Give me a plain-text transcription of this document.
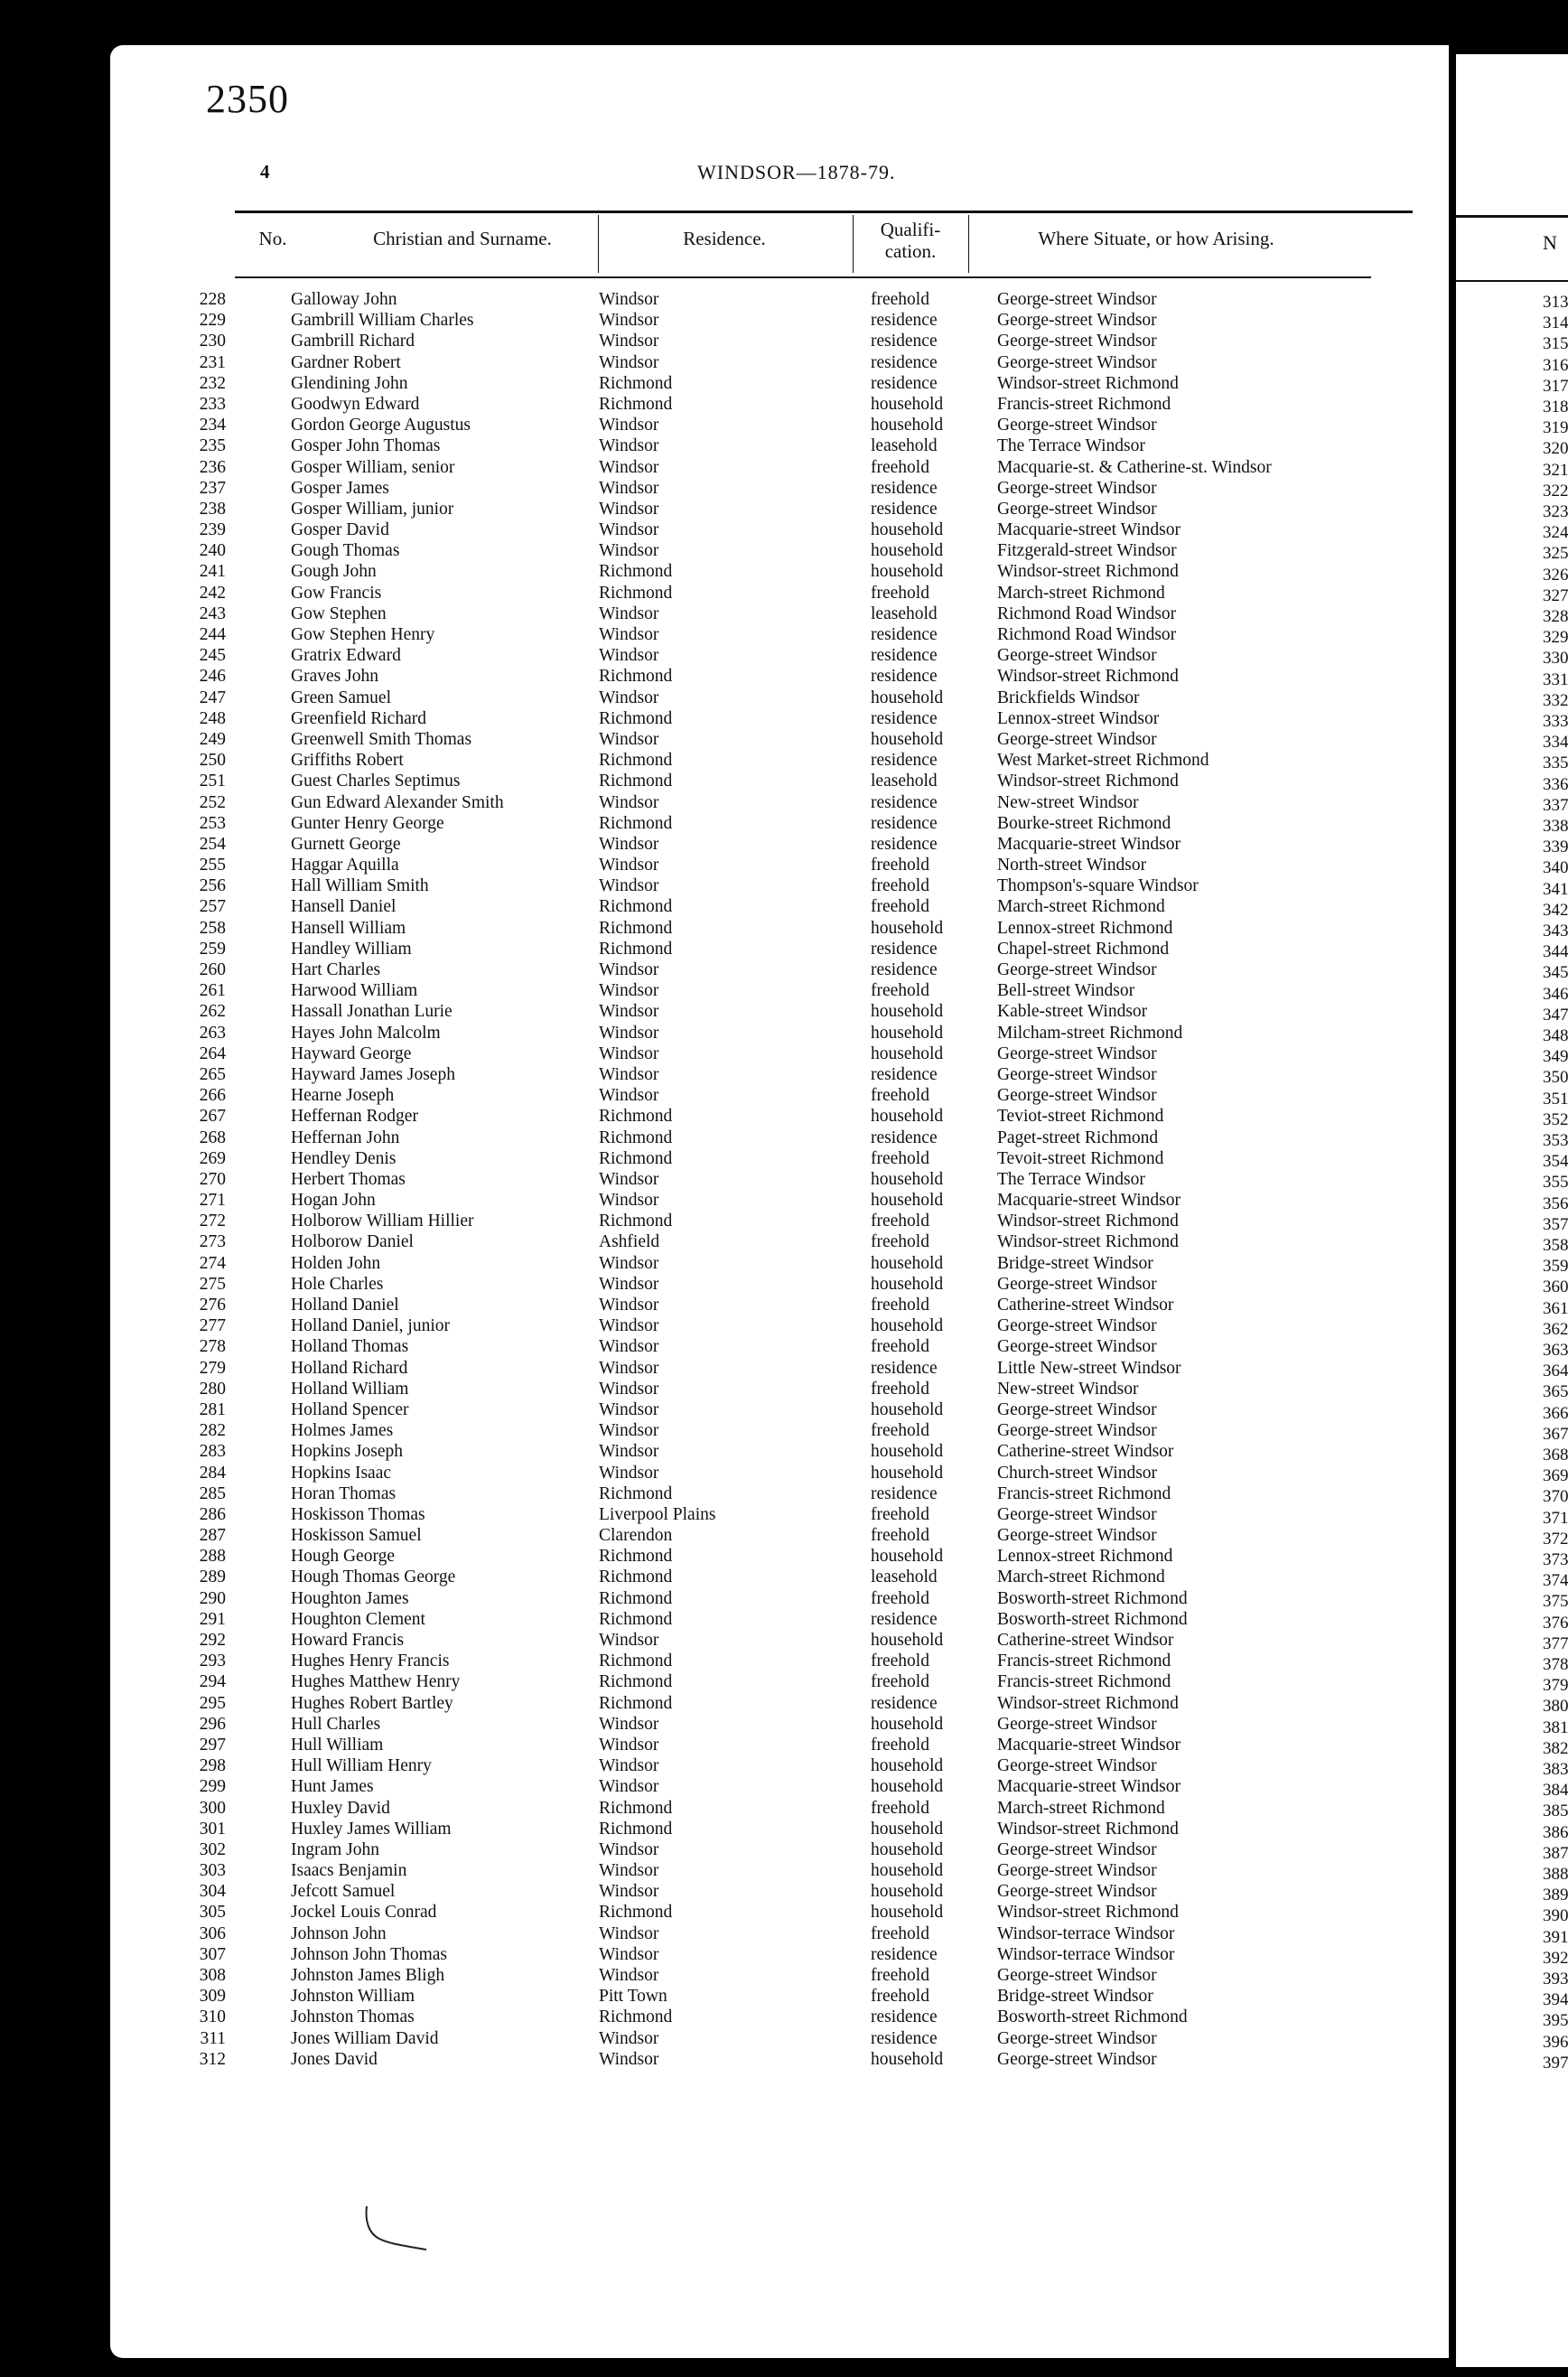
2350
4	WINDSOR—1878-79.
No.	Christian and Surname.	Residence.	Qualifi-
cation.
Where Situate, or how Arising.
228	Galloway John	Windsor	freehold	George-street Windsor
229	Gambrill William Charles	Windsor	residence	George-street Windsor
230	Gambrill Richard	Windsor	residence	George-street Windsor
231	Gardner Robert	Windsor	residence	George-street Windsor
232	Glendining John	Richmond	residence	Windsor-street Richmond
233	Goodwyn Edward	Richmond	household	Francis-street Richmond
234	Gordon George Augustus	Windsor	household	George-street Windsor
235	Gosper John Thomas	Windsor	leasehold	The Terrace Windsor
236	Gosper William, senior	Windsor	freehold	Macquarie-st. & Catherine-st. Windsor
237	Gosper James	Windsor	residence	George-street Windsor
238	Gosper William, junior	Windsor	residence	George-street Windsor
239	Gosper David	Windsor	household	Macquarie-street Windsor
240	Gough Thomas	Windsor	household	Fitzgerald-street Windsor
241	Gough John	Richmond	household	Windsor-street Richmond
242	Gow Francis	Richmond	freehold	March-street Richmond
243	Gow Stephen	Windsor	leasehold	Richmond Road Windsor
244	Gow Stephen Henry	Windsor	residence	Richmond Road Windsor
245	Gratrix Edward	Windsor	residence	George-street Windsor
246	Graves John	Richmond	residence	Windsor-street Richmond
247	Green Samuel	Windsor	household	Brickfields Windsor
248	Greenfield Richard	Richmond	residence	Lennox-street Windsor
249	Greenwell Smith Thomas	Windsor	household	George-street Windsor
250	Griffiths Robert	Richmond	residence	West Market-street Richmond
251	Guest Charles Septimus	Richmond	leasehold	Windsor-street Richmond
252	Gun Edward Alexander Smith	Windsor	residence	New-street Windsor
253	Gunter Henry George	Richmond	residence	Bourke-street Richmond
254	Gurnett George	Windsor	residence	Macquarie-street Windsor
255	Haggar Aquilla	Windsor	freehold	North-street Windsor
256	Hall William Smith	Windsor	freehold	Thompson's-square Windsor
257	Hansell Daniel	Richmond	freehold	March-street Richmond
258	Hansell William	Richmond	household	Lennox-street Richmond
259	Handley William	Richmond	residence	Chapel-street Richmond
260	Hart Charles	Windsor	residence	George-street Windsor
261	Harwood William	Windsor	freehold	Bell-street Windsor
262	Hassall Jonathan Lurie	Windsor	household	Kable-street Windsor
263	Hayes John Malcolm	Windsor	household	Milcham-street Richmond
264	Hayward George	Windsor	household	George-street Windsor
265	Hayward James Joseph	Windsor	residence	George-street Windsor
266	Hearne Joseph	Windsor	freehold	George-street Windsor
267	Heffernan Rodger	Richmond	household	Teviot-street Richmond
268	Heffernan John	Richmond	residence	Paget-street Richmond
269	Hendley Denis	Richmond	freehold	Tevoit-street Richmond
270	Herbert Thomas	Windsor	household	The Terrace Windsor
271	Hogan John	Windsor	household	Macquarie-street Windsor
272	Holborow William Hillier	Richmond	freehold	Windsor-street Richmond
273	Holborow Daniel	Ashfield	freehold	Windsor-street Richmond
274	Holden John	Windsor	household	Bridge-street Windsor
275	Hole Charles	Windsor	household	George-street Windsor
276	Holland Daniel	Windsor	freehold	Catherine-street Windsor
277	Holland Daniel, junior	Windsor	household	George-street Windsor
278	Holland Thomas	Windsor	freehold	George-street Windsor
279	Holland Richard	Windsor	residence	Little New-street Windsor
280	Holland William	Windsor	freehold	New-street Windsor
281	Holland Spencer	Windsor	household	George-street Windsor
282	Holmes James	Windsor	freehold	George-street Windsor
283	Hopkins Joseph	Windsor	household	Catherine-street Windsor
284	Hopkins Isaac	Windsor	household	Church-street Windsor
285	Horan Thomas	Richmond	residence	Francis-street Richmond
286	Hoskisson Thomas	Liverpool Plains	freehold	George-street Windsor
287	Hoskisson Samuel	Clarendon	freehold	George-street Windsor
288	Hough George	Richmond	household	Lennox-street Richmond
289	Hough Thomas George	Richmond	leasehold	March-street Richmond
290	Houghton James	Richmond	freehold	Bosworth-street Richmond
291	Houghton Clement	Richmond	residence	Bosworth-street Richmond
292	Howard Francis	Windsor	household	Catherine-street Windsor
293	Hughes Henry Francis	Richmond	freehold	Francis-street Richmond
294	Hughes Matthew Henry	Richmond	freehold	Francis-street Richmond
295	Hughes Robert Bartley	Richmond	residence	Windsor-street Richmond
296	Hull Charles	Windsor	household	George-street Windsor
297	Hull William	Windsor	freehold	Macquarie-street Windsor
298	Hull William Henry	Windsor	household	George-street Windsor
299	Hunt James	Windsor	household	Macquarie-street Windsor
300	Huxley David	Richmond	freehold	March-street Richmond
301	Huxley James William	Richmond	household	Windsor-street Richmond
302	Ingram John	Windsor	household	George-street Windsor
303	Isaacs Benjamin	Windsor	household	George-street Windsor
304	Jefcott Samuel	Windsor	household	George-street Windsor
305	Jockel Louis Conrad	Richmond	household	Windsor-street Richmond
306	Johnson John	Windsor	freehold	Windsor-terrace Windsor
307	Johnson John Thomas	Windsor	residence	Windsor-terrace Windsor
308	Johnston James Bligh	Windsor	freehold	George-street Windsor
309	Johnston William	Pitt Town	freehold	Bridge-street Windsor
310	Johnston Thomas	Richmond	residence	Bosworth-street Richmond
311	Jones William David	Windsor	residence	George-street Windsor
312	Jones David	Windsor	household	George-street Windsor
N
313
314
315
316
317
318
319
320
321
322
323
324
325
326
327
328
329
330
331
332
333
334
335
336
337
338
339
340
341
342
343
344
345
346
347
348
349
350
351
352
353
354
355
356
357
358
359
360
361
362
363
364
365
366
367
368
369
370
371
372
373
374
375
376
377
378
379
380
381
382
383
384
385
386
387
388
389
390
391
392
393
394
395
396
397
